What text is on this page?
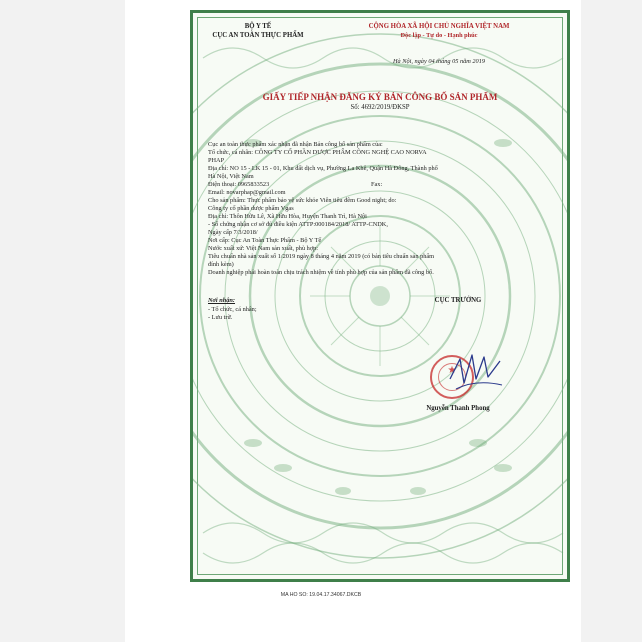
BỘ Y TẾ
CỤC AN TOÀN THỰC PHẨM
CỘNG HÒA XÃ HỘI CHỦ NGHĨA VIỆT NAM
Độc lập - Tự do - Hạnh phúc
Hà Nội, ngày 04 tháng 05 năm 2019
GIẤY TIẾP NHẬN ĐĂNG KÝ BẢN CÔNG BỐ SẢN PHẨM
Số: 4692/2019/ĐKSP
Cục an toàn thực phẩm xác nhận đã nhận Bản công bố sản phẩm của:
Tổ chức, cá nhân: CÔNG TY CỔ PHẦN DƯỢC PHẨM CÔNG NGHỆ CAO NORVA
PHAP
Địa chỉ: NO 15 - LK 15 - 01, Khu đất dịch vụ, Phường La Khê, Quận Hà Đông, Thành phố
Hà Nội, Việt Nam
Điện thoại: 0965833523	Fax:
Email: novarphap@gmail.com
Cho sản phẩm: Thực phẩm bảo vệ sức khỏe Viên tiêu đêm Good night; do:
Công ty cổ phần dược phẩm Vgas
Địa chỉ: Thôn Hữu Lê, Xã Hữu Hòa, Huyện Thanh Trì, Hà Nội
- Số chứng nhận cơ sở đủ điều kiện ATTP:000184/2018/ ATTP-CNDK,
Ngày cấp 7/3/2018/
Nơi cấp: Cục An Toàn Thực Phẩm - Bộ Y Tế
Nước xuất xứ: Việt Nam sản xuất, phù hợp:
Tiêu chuẩn nhà sản xuất số 1/2019 ngày 8 tháng 4 năm 2019 (có bản tiêu chuẩn sản phẩm
đính kèm)
Doanh nghiệp phải hoàn toàn chịu trách nhiệm về tính phù hợp của sản phẩm đã công bố.
Nơi nhận:
- Tổ chức, cá nhân;
- Lưu trữ.
CỤC TRƯỞNG
★
Nguyễn Thanh Phong
MA HO SO: 19.04.17.34067.DKCB
